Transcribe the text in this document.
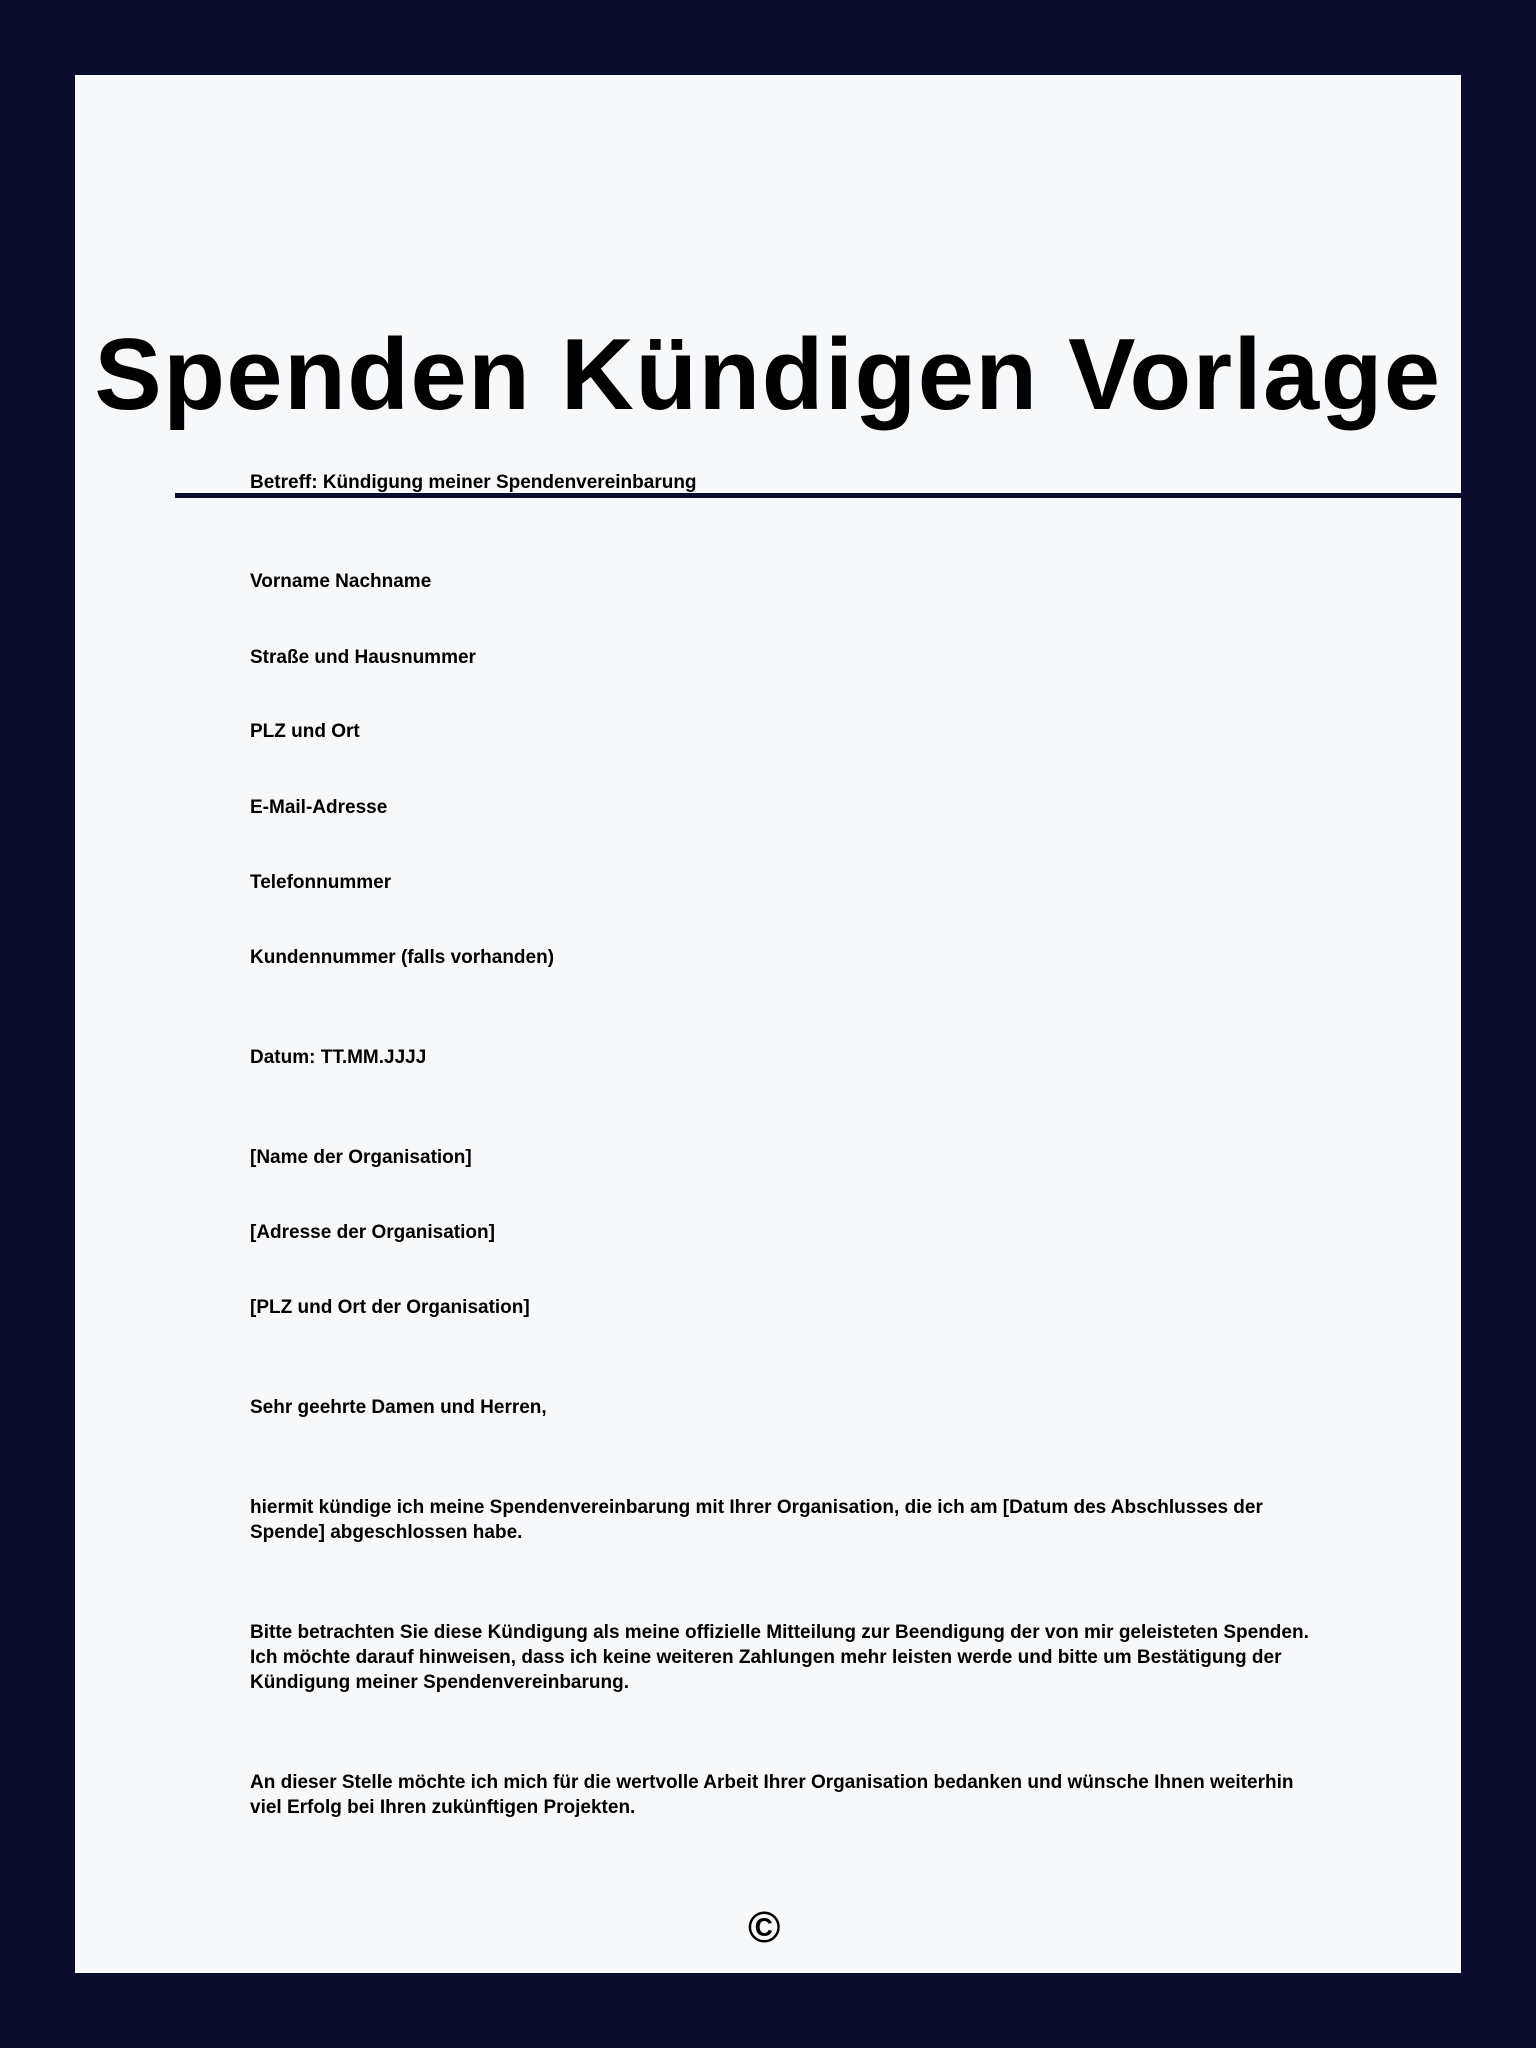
Spenden Kündigen Vorlage
Betreff: Kündigung meiner Spendenvereinbarung
Vorname Nachname
Straße und Hausnummer
PLZ und Ort
E-Mail-Adresse
Telefonnummer
Kundennummer (falls vorhanden)
Datum: TT.MM.JJJJ
[Name der Organisation]
[Adresse der Organisation]
[PLZ und Ort der Organisation]
Sehr geehrte Damen und Herren,
hiermit kündige ich meine Spendenvereinbarung mit Ihrer Organisation, die ich am [Datum des Abschlusses der Spende] abgeschlossen habe.
Bitte betrachten Sie diese Kündigung als meine offizielle Mitteilung zur Beendigung der von mir geleisteten Spenden. Ich möchte darauf hinweisen, dass ich keine weiteren Zahlungen mehr leisten werde und bitte um Bestätigung der Kündigung meiner Spendenvereinbarung.
An dieser Stelle möchte ich mich für die wertvolle Arbeit Ihrer Organisation bedanken und wünsche Ihnen weiterhin viel Erfolg bei Ihren zukünftigen Projekten.
©
